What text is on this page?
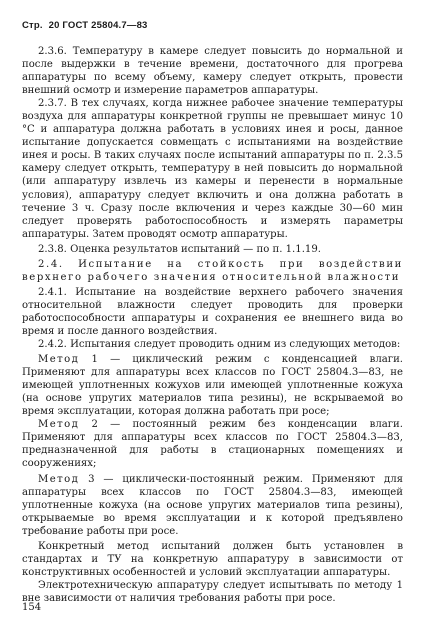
Стр. 20 ГОСТ 25804.7—83

2.3.6. Температуру в камере следует повысить до нормальной и после выдержки в течение времени, достаточного для прогрева аппаратуры по всему объему, камеру следует открыть, провести внешний осмотр и измерение параметров аппаратуры.

2.3.7. В тех случаях, когда нижнее рабочее значение температуры воздуха для аппаратуры конкретной группы не превышает минус 10 °С и аппаратура должна работать в условиях инея и росы, данное испытание допускается совмещать с испытаниями на воздействие инея и росы. В таких случаях после испытаний аппаратуры по п. 2.3.5 камеру следует открыть, температуру в ней повысить до нормальной (или аппаратуру извлечь из камеры и перенести в нормальные условия), аппаратуру следует включить и она должна работать в течение 3 ч. Сразу после включения и через каждые 30—60 мин следует проверять работоспособность и измерять параметры аппаратуры. Затем проводят осмотр аппаратуры.

2.3.8. Оценка результатов испытаний — по п. 1.1.19.

2.4. Испытание на стойкость при воздействии верхнего рабочего значения относительной влажности

2.4.1. Испытание на воздействие верхнего рабочего значения относительной влажности следует проводить для проверки работоспособности аппаратуры и сохранения ее внешнего вида во время и после данного воздействия.

2.4.2. Испытания следует проводить одним из следующих методов:

Метод 1 — циклический режим с конденсацией влаги. Применяют для аппаратуры всех классов по ГОСТ 25804.3—83, не имеющей уплотненных кожухов или имеющей уплотненные кожуха (на основе упругих материалов типа резины), не вскрываемой во время эксплуатации, которая должна работать при росе;

Метод 2 — постоянный режим без конденсации влаги. Применяют для аппаратуры всех классов по ГОСТ 25804.3—83, предназначенной для работы в стационарных помещениях и сооружениях;

Метод 3 — циклически-постоянный режим. Применяют для аппаратуры всех классов по ГОСТ 25804.3—83, имеющей уплотненные кожуха (на основе упругих материалов типа резины), открываемые во время эксплуатации и к которой предъявлено требование работы при росе.

Конкретный метод испытаний должен быть установлен в стандартах и ТУ на конкретную аппаратуру в зависимости от конструктивных особенностей и условий эксплуатации аппаратуры.

Электротехническую аппаратуру следует испытывать по методу 1 вне зависимости от наличия требования работы при росе.

154
